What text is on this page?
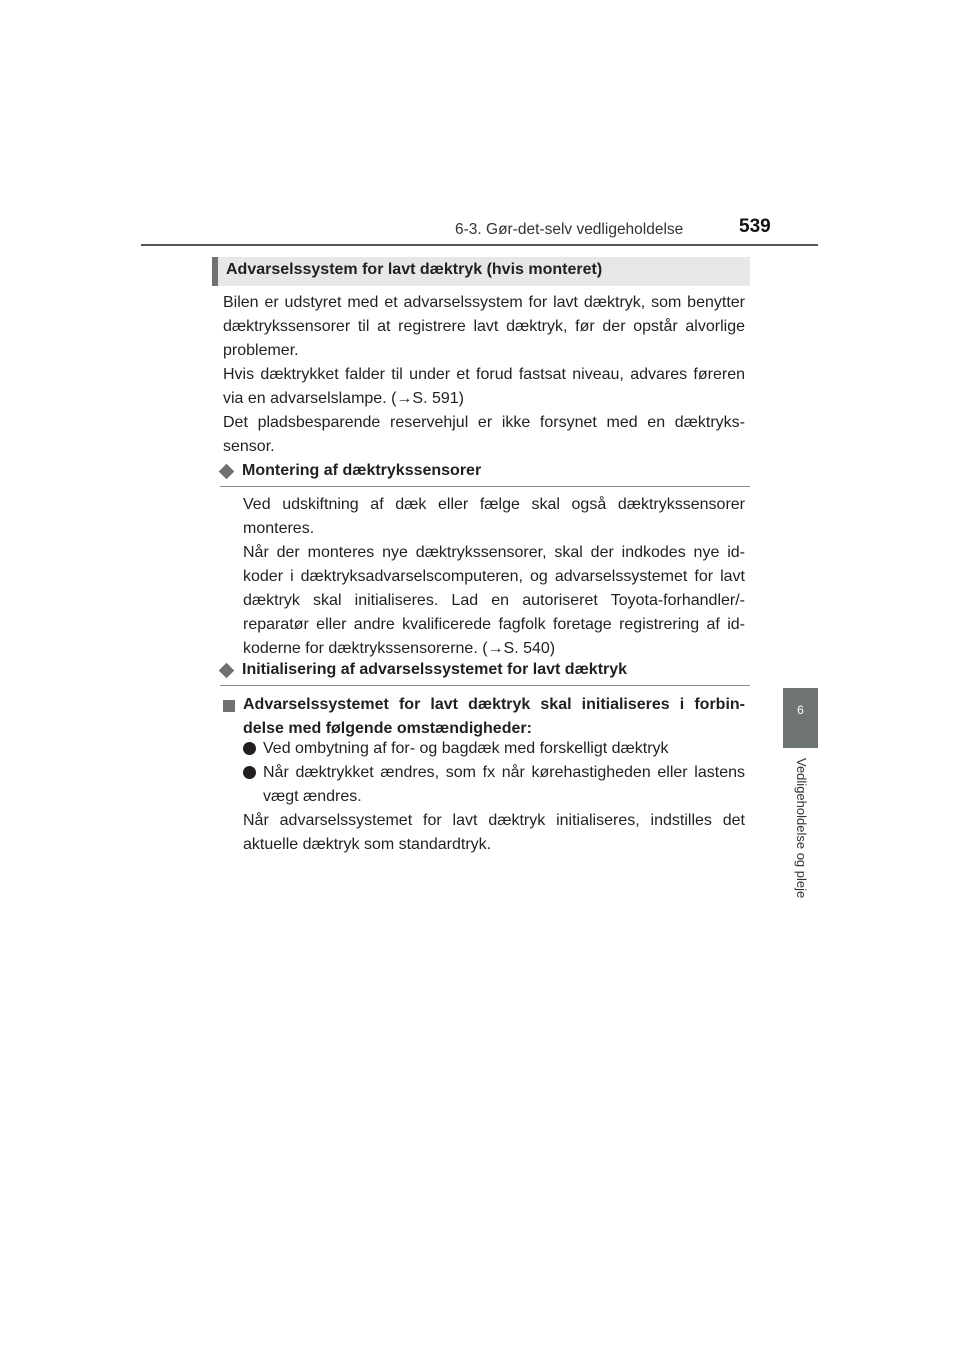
6-3. Gør-det-selv vedligeholdelse	539
6
Vedligeholdelse og pleje
Advarselssystem for lavt dæktryk (hvis monteret)
Bilen er udstyret med et advarselssystem for lavt dæktryk, som benytter dæktrykssensorer til at registrere lavt dæktryk, før der opstår alvorlige problemer.
Hvis dæktrykket falder til under et forud fastsat niveau, advares føreren via en advarselslampe. (→S. 591)
Det pladsbesparende reservehjul er ikke forsynet med en dæktryks-sensor.
Montering af dæktrykssensorer
Ved udskiftning af dæk eller fælge skal også dæktrykssensorer monteres.
Når der monteres nye dæktrykssensorer, skal der indkodes nye id-koder i dæktryksadvarselscomputeren, og advarselssystemet for lavt dæktryk skal initialiseres. Lad en autoriseret Toyota-forhandler/-reparatør eller andre kvalificerede fagfolk foretage registrering af id-koderne for dæktrykssensorerne. (→S. 540)
Initialisering af advarselssystemet for lavt dæktryk
Advarselssystemet for lavt dæktryk skal initialiseres i forbin-delse med følgende omstændigheder:
Ved ombytning af for- og bagdæk med forskelligt dæktryk
Når dæktrykket ændres, som fx når kørehastigheden eller lastens vægt ændres.
Når advarselssystemet for lavt dæktryk initialiseres, indstilles det aktuelle dæktryk som standardtryk.
